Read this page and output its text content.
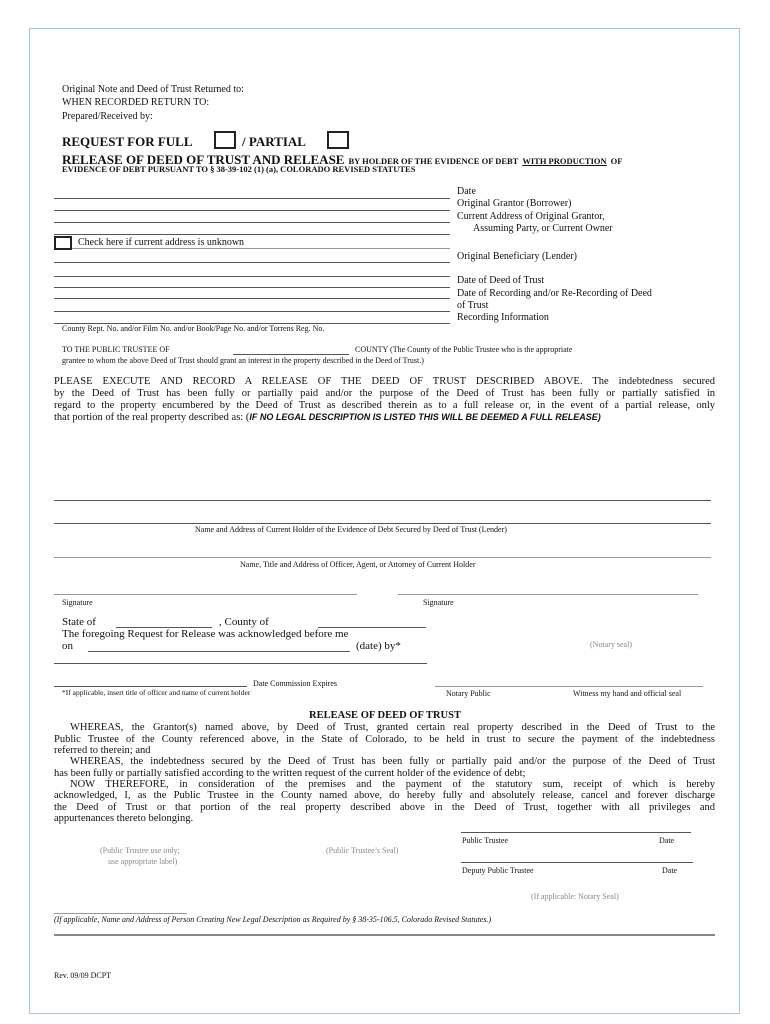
Original Note and Deed of Trust Returned to:
WHEN RECORDED RETURN TO:
Prepared/Received by:
REQUEST FOR FULL	/ PARTIAL
RELEASE OF DEED OF TRUST AND RELEASE BY HOLDER OF THE EVIDENCE OF DEBT WITH PRODUCTION OF
EVIDENCE OF DEBT PURSUANT TO § 38-39-102 (1) (a), COLORADO REVISED STATUTES
Check here if current address is unknown
Date
Original Grantor (Borrower)
Current Address of Original Grantor,
Assuming Party, or Current Owner
Original Beneficiary (Lender)
Date of Deed of Trust
Date of Recording and/or Re-Recording of Deed
of Trust
Recording Information
County Rept. No. and/or Film No. and/or Book/Page No. and/or Torrens Reg. No.
TO THE PUBLIC TRUSTEE OF	COUNTY (The County of the Public Trustee who is the appropriate
grantee to whom the above Deed of Trust should grant an interest in the property described in the Deed of Trust.)
PLEASE EXECUTE AND RECORD A RELEASE OF THE DEED OF TRUST DESCRIBED ABOVE. The indebtedness secured
by the Deed of Trust has been fully or partially paid and/or the purpose of the Deed of Trust has been fully or partially satisfied in
regard to the property encumbered by the Deed of Trust as described therein as to a full release or, in the event of a partial release, only
that portion of the real property described as: (IF NO LEGAL DESCRIPTION IS LISTED THIS WILL BE DEEMED A FULL RELEASE)
Name and Address of Current Holder of the Evidence of Debt Secured by Deed of Trust (Lender)
Name, Title and Address of Officer, Agent, or Attorney of Current Holder
Signature	Signature
State of	, County of
The foregoing Request for Release was acknowledged before me
on	(date) by*	(Notary seal)
Date Commission Expires
*If applicable, insert title of officer and name of current holder	Notary Public	Witness my hand and official seal
RELEASE OF DEED OF TRUST
WHEREAS, the Grantor(s) named above, by Deed of Trust, granted certain real property described in the Deed of Trust to the
Public Trustee of the County referenced above, in the State of Colorado, to be held in trust to secure the payment of the indebtedness
referred to therein; and
WHEREAS, the indebtedness secured by the Deed of Trust has been fully or partially paid and/or the purpose of the Deed of Trust
has been fully or partially satisfied according to the written request of the current holder of the evidence of debt;
NOW THEREFORE, in consideration of the premises and the payment of the statutory sum, receipt of which is hereby
acknowledged, I, as the Public Trustee in the County named above, do hereby fully and absolutely release, cancel and forever discharge
the Deed of Trust or that portion of the real property described above in the Deed of Trust, together with all privileges and
appurtenances thereto belonging.
Public Trustee	Date
(Public Trustee use only;
use appropriate label)
(Public Trustee’s Seal)
Deputy Public Trustee	Date
(If applicable: Notary Seal)
(If applicable, Name and Address of Person Creating New Legal Description as Required by § 38-35-106.5, Colorado Revised Statutes.)
Rev. 09/09 DCPT
